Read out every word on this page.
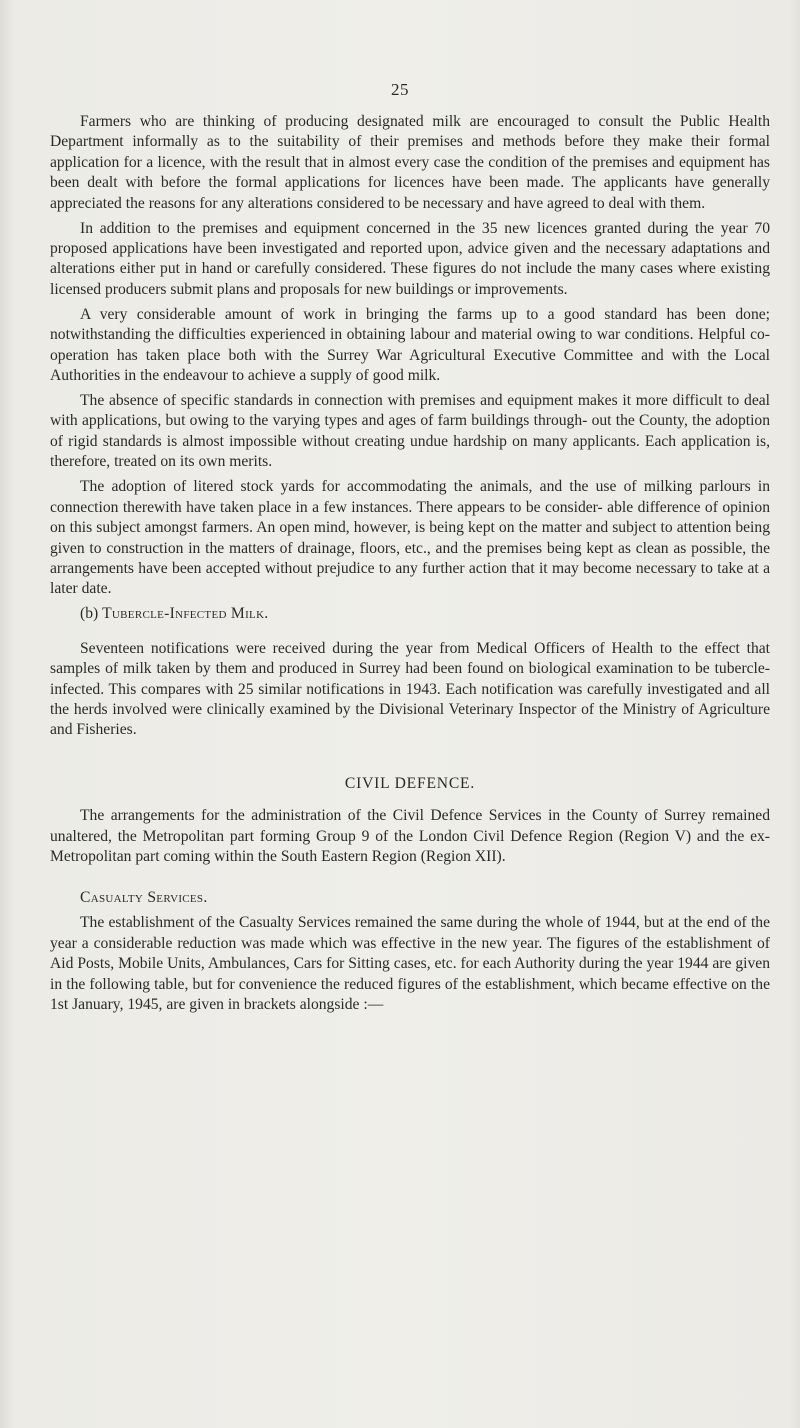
25

Farmers who are thinking of producing designated milk are encouraged to consult the Public Health Department informally as to the suitability of their premises and methods before they make their formal application for a licence, with the result that in almost every case the condition of the premises and equipment has been dealt with before the formal applications for licences have been made. The applicants have generally appreciated the reasons for any alterations considered to be necessary and have agreed to deal with them.

In addition to the premises and equipment concerned in the 35 new licences granted during the year 70 proposed applications have been investigated and reported upon, advice given and the necessary adaptations and alterations either put in hand or carefully considered. These figures do not include the many cases where existing licensed producers submit plans and proposals for new buildings or improvements.

A very considerable amount of work in bringing the farms up to a good standard has been done; notwithstanding the difficulties experienced in obtaining labour and material owing to war conditions. Helpful co-operation has taken place both with the Surrey War Agricultural Executive Committee and with the Local Authorities in the endeavour to achieve a supply of good milk.

The absence of specific standards in connection with premises and equipment makes it more difficult to deal with applications, but owing to the varying types and ages of farm buildings through- out the County, the adoption of rigid standards is almost impossible without creating undue hardship on many applicants. Each application is, therefore, treated on its own merits.

The adoption of litered stock yards for accommodating the animals, and the use of milking parlours in connection therewith have taken place in a few instances. There appears to be consider- able difference of opinion on this subject amongst farmers. An open mind, however, is being kept on the matter and subject to attention being given to construction in the matters of drainage, floors, etc., and the premises being kept as clean as possible, the arrangements have been accepted without prejudice to any further action that it may become necessary to take at a later date.

(b) Tubercle-Infected Milk.

Seventeen notifications were received during the year from Medical Officers of Health to the effect that samples of milk taken by them and produced in Surrey had been found on biological examination to be tubercle-infected. This compares with 25 similar notifications in 1943. Each notification was carefully investigated and all the herds involved were clinically examined by the Divisional Veterinary Inspector of the Ministry of Agriculture and Fisheries.

CIVIL DEFENCE.

The arrangements for the administration of the Civil Defence Services in the County of Surrey remained unaltered, the Metropolitan part forming Group 9 of the London Civil Defence Region (Region V) and the ex-Metropolitan part coming within the South Eastern Region (Region XII).

Casualty Services.

The establishment of the Casualty Services remained the same during the whole of 1944, but at the end of the year a considerable reduction was made which was effective in the new year. The figures of the establishment of Aid Posts, Mobile Units, Ambulances, Cars for Sitting cases, etc. for each Authority during the year 1944 are given in the following table, but for convenience the reduced figures of the establishment, which became effective on the 1st January, 1945, are given in brackets alongside :—
